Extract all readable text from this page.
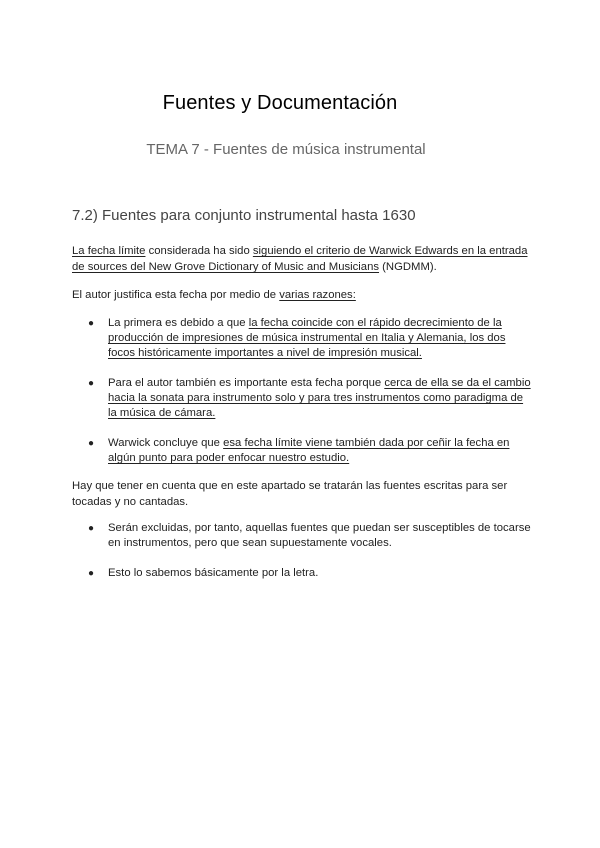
Fuentes y Documentación

TEMA 7 - Fuentes de música instrumental

7.2) Fuentes para conjunto instrumental hasta 1630

La fecha límite considerada ha sido siguiendo el criterio de Warwick Edwards en la entrada de sources del New Grove Dictionary of Music and Musicians (NGDMM).

El autor justifica esta fecha por medio de varias razones:

● La primera es debido a que la fecha coincide con el rápido decrecimiento de la producción de impresiones de música instrumental en Italia y Alemania, los dos focos históricamente importantes a nivel de impresión musical.
● Para el autor también es importante esta fecha porque cerca de ella se da el cambio hacia la sonata para instrumento solo y para tres instrumentos como paradigma de la música de cámara.
● Warwick concluye que esa fecha límite viene también dada por ceñir la fecha en algún punto para poder enfocar nuestro estudio.

Hay que tener en cuenta que en este apartado se tratarán las fuentes escritas para ser tocadas y no cantadas.

● Serán excluidas, por tanto, aquellas fuentes que puedan ser susceptibles de tocarse en instrumentos, pero que sean supuestamente vocales.
● Esto lo sabemos básicamente por la letra.
